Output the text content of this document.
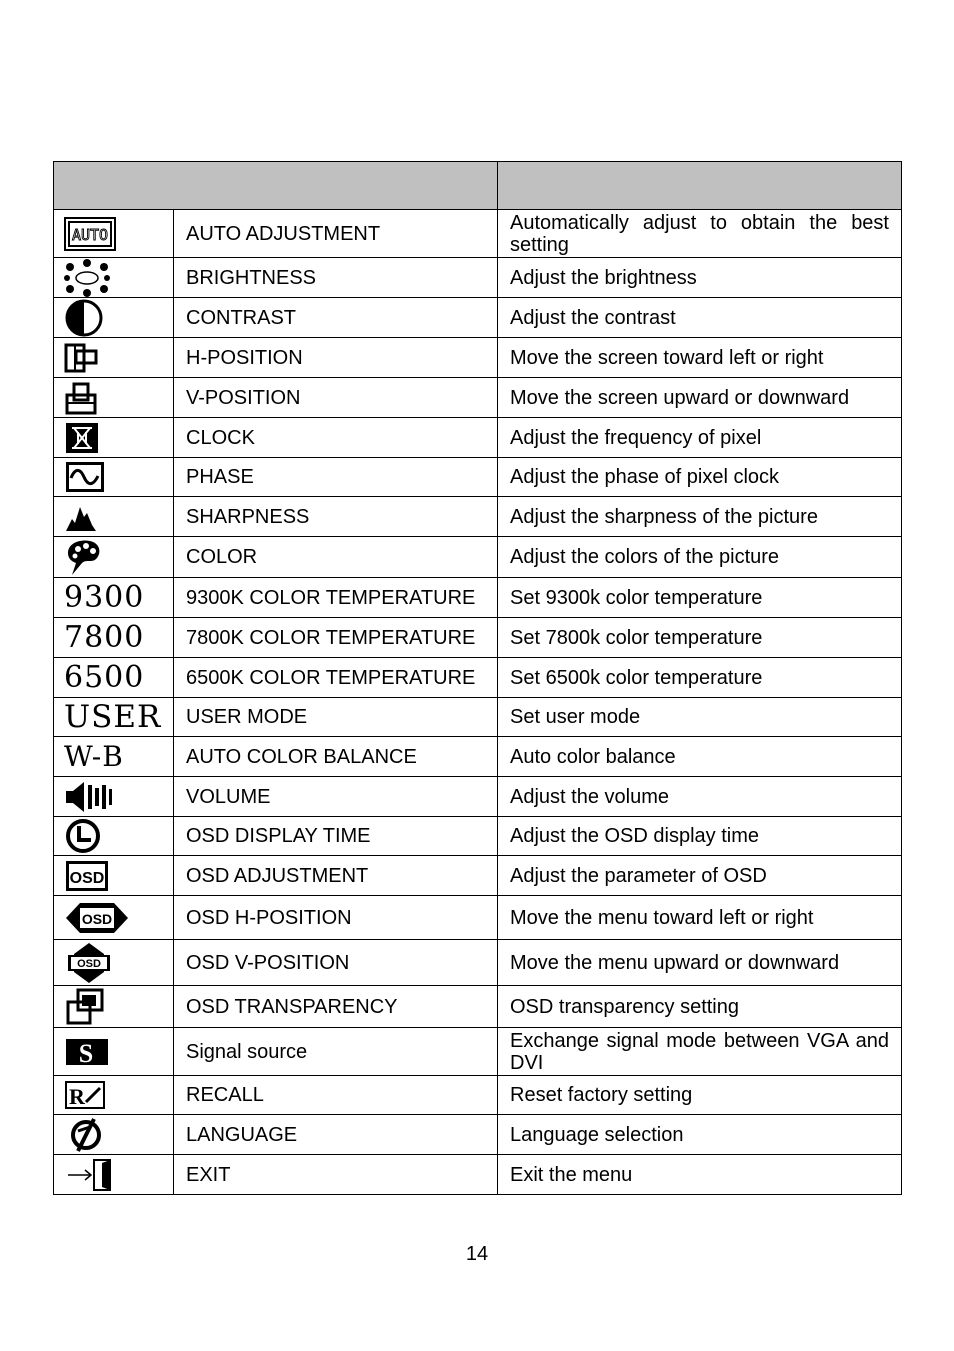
AUTO	AUTO ADJUSTMENT	Automatically adjust to obtain the best setting

	BRIGHTNESS	Adjust the brightness

	CONTRAST	Adjust the contrast

	H-POSITION	Move the screen toward left or right

	V-POSITION	Move the screen upward or downward

	CLOCK	Adjust the frequency of pixel

	PHASE	Adjust the phase of pixel clock

	SHARPNESS	Adjust the sharpness of the picture

	COLOR	Adjust the colors of the picture
9300	9300K COLOR TEMPERATURE	Set 9300k color temperature
7800	7800K COLOR TEMPERATURE	Set 7800k color temperature
6500	6500K COLOR TEMPERATURE	Set 6500k color temperature
USER	USER MODE	Set user mode
W-B	AUTO COLOR BALANCE	Auto color balance

	VOLUME	Adjust the volume

	OSD DISPLAY TIME	Adjust the OSD display time

OSD	OSD ADJUSTMENT	Adjust the parameter of OSD

OSD	OSD H-POSITION	Move the menu toward left or right

OSD	OSD V-POSITION	Move the menu upward or downward

	OSD TRANSPARENCY	OSD transparency setting

S	Signal source	Exchange signal mode between VGA and DVI

R	RECALL	Reset factory setting

	LANGUAGE	Language selection

	EXIT	Exit the menu
14
